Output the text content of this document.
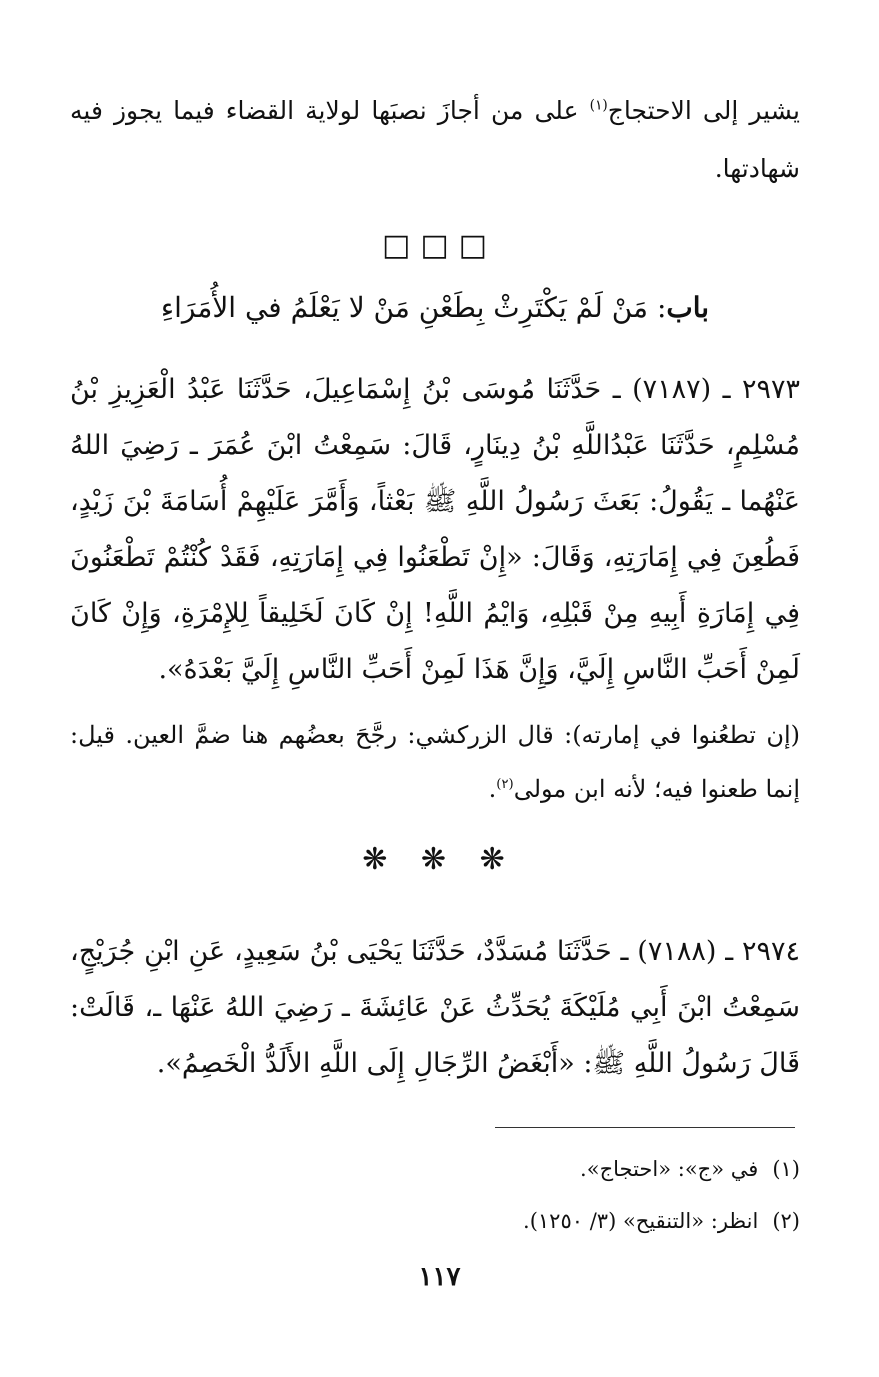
يشير إلى الاحتجاج$^{(١)}$ على من أجازَ نصبَها لولاية القضاء فيما يجوز فيه شهادتها.

□□□
باب: مَنْ لَمْ يَكْتَرِثْ بِطَعْنِ مَنْ لا يَعْلَمُ في الأُمَرَاءِ

٢٩٧٣ ـ (٧١٨٧) ـ حَدَّثَنَا مُوسَى بْنُ إِسْمَاعِيلَ، حَدَّثَنَا عَبْدُ الْعَزِيزِ بْنُ مُسْلِمٍ، حَدَّثَنَا عَبْدُاللَّهِ بْنُ دِينَارٍ، قَالَ: سَمِعْتُ ابْنَ عُمَرَ ـ رَضِيَ اللهُ عَنْهُما ـ يَقُولُ: بَعَثَ رَسُولُ اللَّهِ ﷺ بَعْثاً، وَأَمَّرَ عَلَيْهِمْ أُسَامَةَ بْنَ زَيْدٍ، فَطُعِنَ فِي إِمَارَتِهِ، وَقَالَ: «إِنْ تَطْعَنُوا فِي إِمَارَتِهِ، فَقَدْ كُنْتُمْ تَطْعَنُونَ فِي إِمَارَةِ أَبِيهِ مِنْ قَبْلِهِ، وَايْمُ اللَّهِ! إِنْ كَانَ لَخَلِيقاً لِلإِمْرَةِ، وَإِنْ كَانَ لَمِنْ أَحَبِّ النَّاسِ إِلَيَّ، وَإِنَّ هَذَا لَمِنْ أَحَبِّ النَّاسِ إِلَيَّ بَعْدَهُ».

(إن تطعُنوا في إمارته): قال الزركشي: رجَّحَ بعضُهم هنا ضمَّ العين. قيل: إنما طعنوا فيه؛ لأنه ابن مولى$^{(٢)}$.

❋ ❋ ❋

٢٩٧٤ ـ (٧١٨٨) ـ حَدَّثَنَا مُسَدَّدٌ، حَدَّثَنَا يَحْيَى بْنُ سَعِيدٍ، عَنِ ابْنِ جُرَيْجٍ، سَمِعْتُ ابْنَ أَبِي مُلَيْكَةَ يُحَدِّثُ عَنْ عَائِشَةَ ـ رَضِيَ اللهُ عَنْهَا ـ، قَالَتْ: قَالَ رَسُولُ اللَّهِ ﷺ: «أَبْغَضُ الرِّجَالِ إِلَى اللَّهِ الأَلَدُّ الْخَصِمُ».

(١)في «ج»: «احتجاج».
(٢)انظر: «التنقيح» (٣/ ١٢٥٠).
١١٧
